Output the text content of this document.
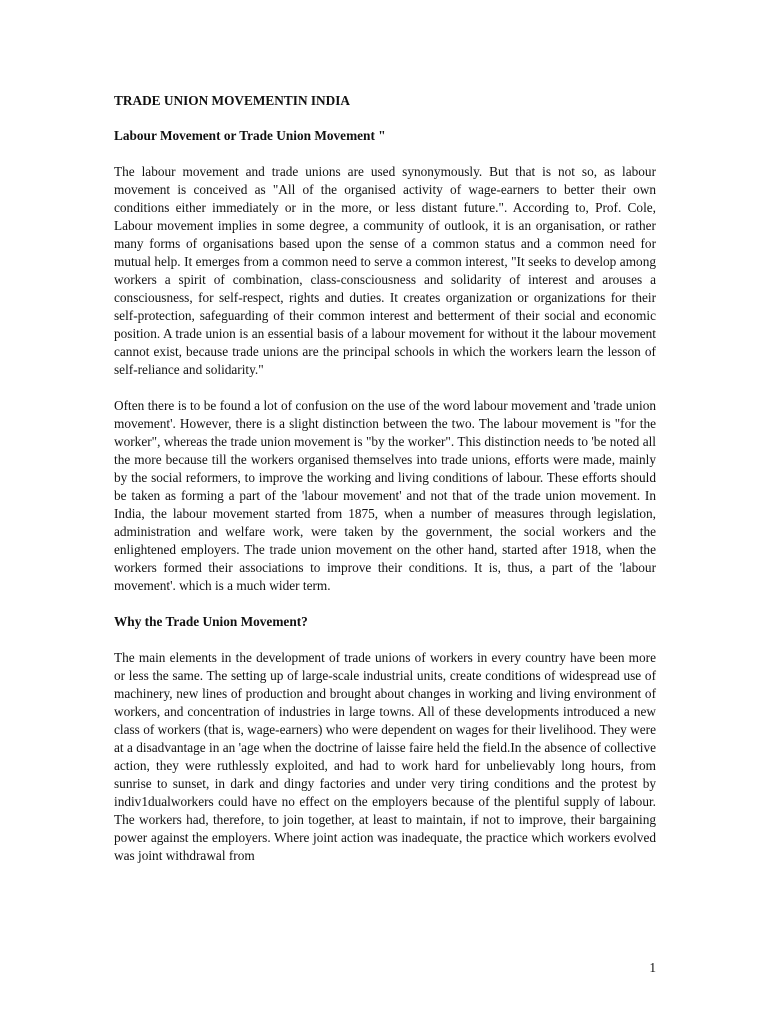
TRADE UNION MOVEMENTIN INDIA

Labour Movement or Trade Union Movement "

The labour movement and trade unions are used synonymously. But that is not so, as labour movement is conceived as "All of the organised activity of wage-earners to better their own conditions either immediately or in the more, or less distant future.". According to, Prof. Cole, Labour movement implies in some degree, a community of outlook, it is an organisation, or rather many forms of organisations based upon the sense of a common status and a common need for mutual help. It emerges from a common need to serve a common interest, "It seeks to develop among workers a spirit of combination, class-consciousness and solidarity of interest and arouses a consciousness, for self-respect, rights and duties. It creates organization or organizations for their self-protection, safeguarding of their common interest and betterment of their social and economic position. A trade union is an essential basis of a labour movement for without it the labour movement cannot exist, because trade unions are the principal schools in which the workers learn the lesson of self-reliance and solidarity."

Often there is to be found a lot of confusion on the use of the word labour movement and 'trade union movement'. However, there is a slight distinction between the two. The labour movement is "for the worker", whereas the trade union movement is "by the worker". This distinction needs to 'be noted all the more because till the workers organised themselves into trade unions, efforts were made, mainly by the social reformers, to improve the working and living conditions of labour. These efforts should be taken as forming a part of the 'labour movement' and not that of the trade union movement. In India, the labour movement started from 1875, when a number of measures through legislation, administration and welfare work, were taken by the government, the social workers and the enlightened employers. The trade union movement on the other hand, started after 1918, when the workers formed their associations to improve their conditions. It is, thus, a part of the 'labour movement'. which is a much wider term.

Why the Trade Union Movement?

The main elements in the development of trade unions of workers in every country have been more or less the same. The setting up of large-scale industrial units, create conditions of widespread use of machinery, new lines of production and brought about changes in working and living environment of workers, and concentration of industries in large towns. All of these developments introduced a new class of workers (that is, wage-earners) who were dependent on wages for their livelihood. They were at a disadvantage in an 'age when the doctrine of laisse faire held the field.In the absence of collective action, they were ruthlessly exploited, and had to work hard for unbelievably long hours, from sunrise to sunset, in dark and dingy factories and under very tiring conditions and the protest by indiv1dualworkers could have no effect on the employers because of the plentiful supply of labour. The workers had, therefore, to join together, at least to maintain, if not to improve, their bargaining power against the employers. Where joint action was inadequate, the practice which workers evolved was joint withdrawal from

1
